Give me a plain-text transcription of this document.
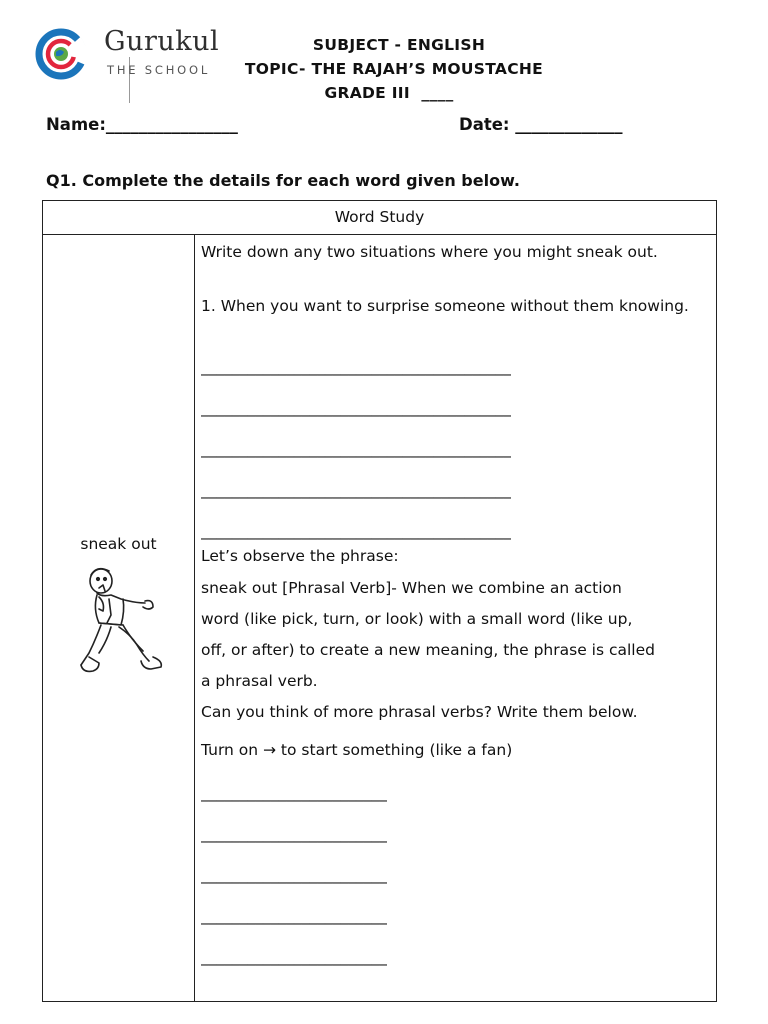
Gurukul
THE SCHOOL
SUBJECT - ENGLISH
TOPIC- THE RAJAH’S MOUSTACHE
GRADE III  ____
Name:________________	Date: _____________
Q1. Complete the details for each word given below.
Word Study
sneak out
Write down any two situations where you might sneak out.
1. When you want to surprise someone without them knowing.
________________________________________
________________________________________
________________________________________
________________________________________
________________________________________
Let’s observe the phrase:
sneak out [Phrasal Verb]- When we combine an action
word (like pick, turn, or look) with a small word (like up,
off, or after) to create a new meaning, the phrase is called
a phrasal verb.
Can you think of more phrasal verbs? Write them below.
Turn on → to start something (like a fan)
________________________
________________________
________________________
________________________
________________________
